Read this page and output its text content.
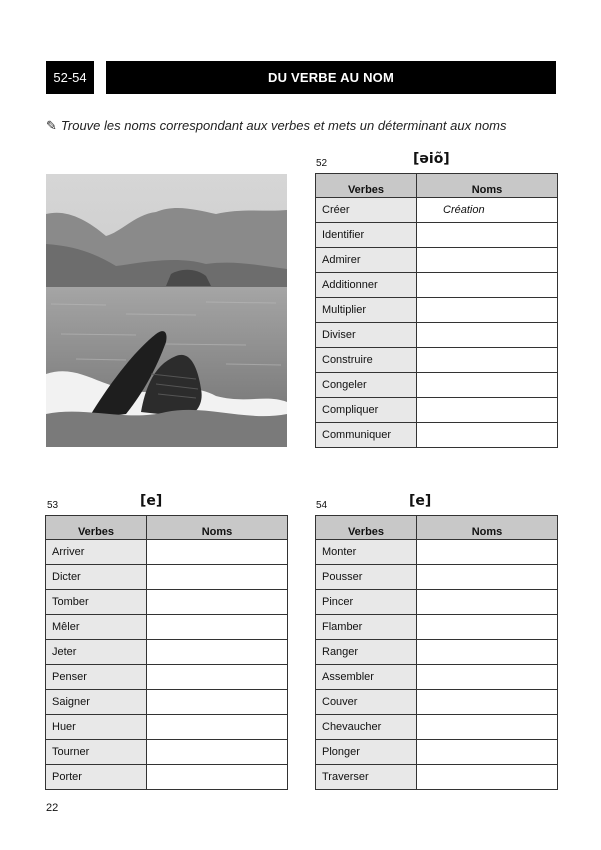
52-54	DU VERBE AU NOM
✎ Trouve les noms correspondant aux verbes et mets un déterminant aux noms
52	[əiõ]
Verbes	Noms
Créer	Création
Identifier	
Admirer	
Additionner	
Multiplier	
Diviser	
Construire	
Congeler	
Compliquer	
Communiquer	
53	[e]
Verbes	Noms
Arriver	
Dicter	
Tomber	
Mêler	
Jeter	
Penser	
Saigner	
Huer	
Tourner	
Porter	
54	[e]
Verbes	Noms
Monter	
Pousser	
Pincer	
Flamber	
Ranger	
Assembler	
Couver	
Chevaucher	
Plonger	
Traverser	
22
